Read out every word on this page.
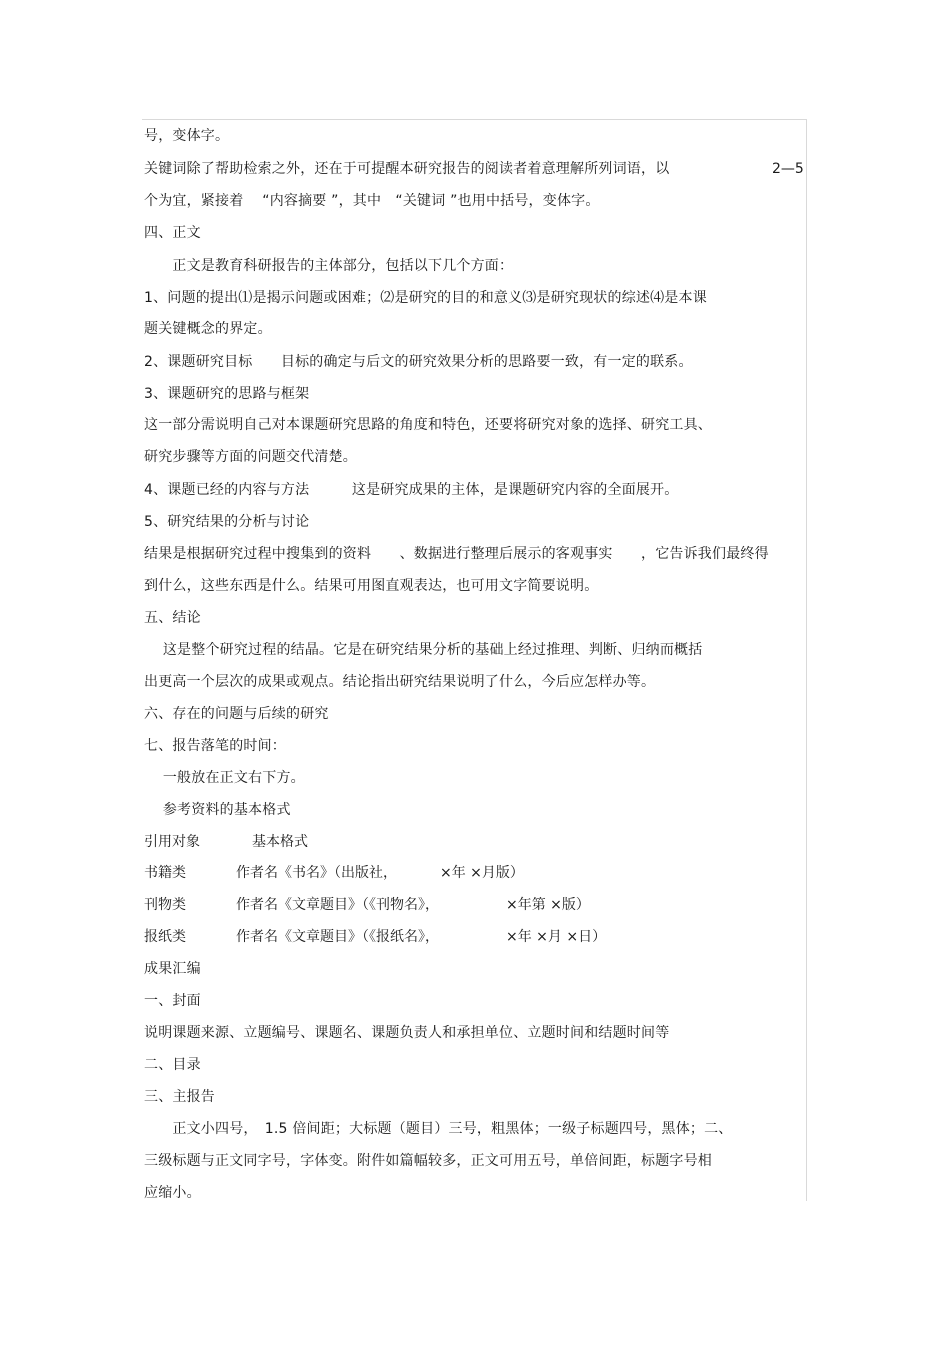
号，变体字。
关键词除了帮助检索之外，还在于可提醒本研究报告的阅读者着意理解所列词语，以	2—5
个为宜，紧接着　 “内容摘要 ”，其中　“关键词 ”也用中括号，变体字。
四、正文
　　正文是教育科研报告的主体部分，包括以下几个方面：
1、问题的提出⑴是揭示问题或困难；⑵是研究的目的和意义⑶是研究现状的综述⑷是本课
题关键概念的界定。
2、课题研究目标　　目标的确定与后文的研究效果分析的思路要一致，有一定的联系。
3、课题研究的思路与框架
这一部分需说明自己对本课题研究思路的角度和特色，还要将研究对象的选择、研究工具、
研究步骤等方面的问题交代清楚。
4、课题已经的内容与方法　　　这是研究成果的主体，是课题研究内容的全面展开。
5、研究结果的分析与讨论
结果是根据研究过程中搜集到的资料　　、数据进行整理后展示的客观事实　　，它告诉我们最终得
到什么，这些东西是什么。结果可用图直观表达，也可用文字简要说明。
五、结论
　 这是整个研究过程的结晶。它是在研究结果分析的基础上经过推理、判断、归纳而概括
出更高一个层次的成果或观点。结论指出研究结果说明了什么，今后应怎样办等。
六、存在的问题与后续的研究
七、报告落笔的时间：
　 一般放在正文右下方。
　 参考资料的基本格式
引用对象	基本格式
书籍类	作者名《书名》（出版社，	×年 ×月版）
刊物类	作者名《文章题目》（《刊物名》，	×年第 ×版）
报纸类	作者名《文章题目》（《报纸名》，	×年 ×月 ×日）
成果汇编
一、封面
说明课题来源、立题编号、课题名、课题负责人和承担单位、立题时间和结题时间等
二、目录
三、主报告
　　正文小四号，　1.5 倍间距；大标题（题目）三号，粗黑体；一级子标题四号，黑体；二、
三级标题与正文同字号，字体变。附件如篇幅较多，正文可用五号，单倍间距，标题字号相
应缩小。
